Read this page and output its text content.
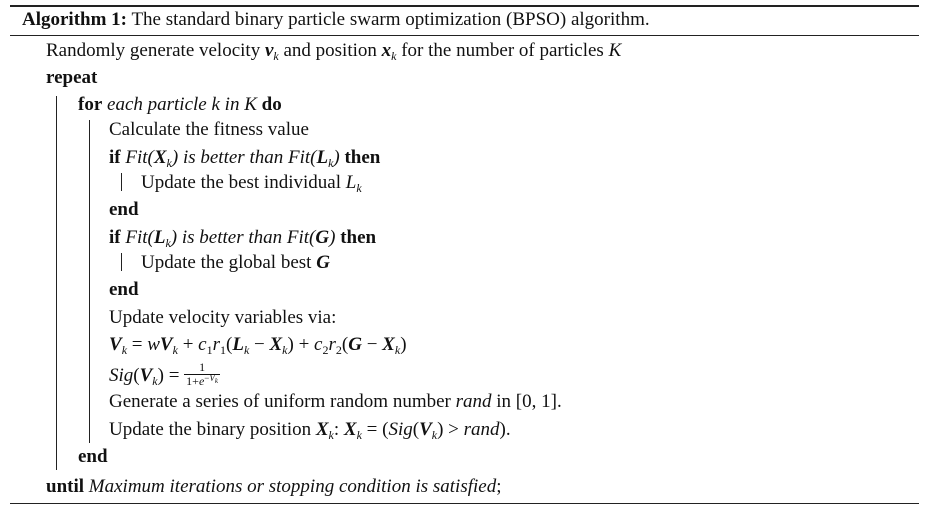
Algorithm 1: The standard binary particle swarm optimization (BPSO) algorithm.
Randomly generate velocity $v_k$ and position $x_k$ for the number of particles K
repeat
for each particle k in K do
Calculate the fitness value
if $Fit(X_k)$ is better than $Fit(L_k)$ then
Update the best individual $L_k$
end
if $Fit(L_k)$ is better than Fit(G) then
Update the global best G
end
Update velocity variables via:
$V_k = wV_k + c_1r_1(L_k - X_k) + c_2r_2(G - X_k)$
$Sig(V_k) = \frac{1}{1+e^{-V_k}}$
Generate a series of uniform random number rand in [0, 1].
Update the binary position $X_k$: $X_k = (Sig(V_k)$ > rand).
end
until Maximum iterations or stopping condition is satisfied;
